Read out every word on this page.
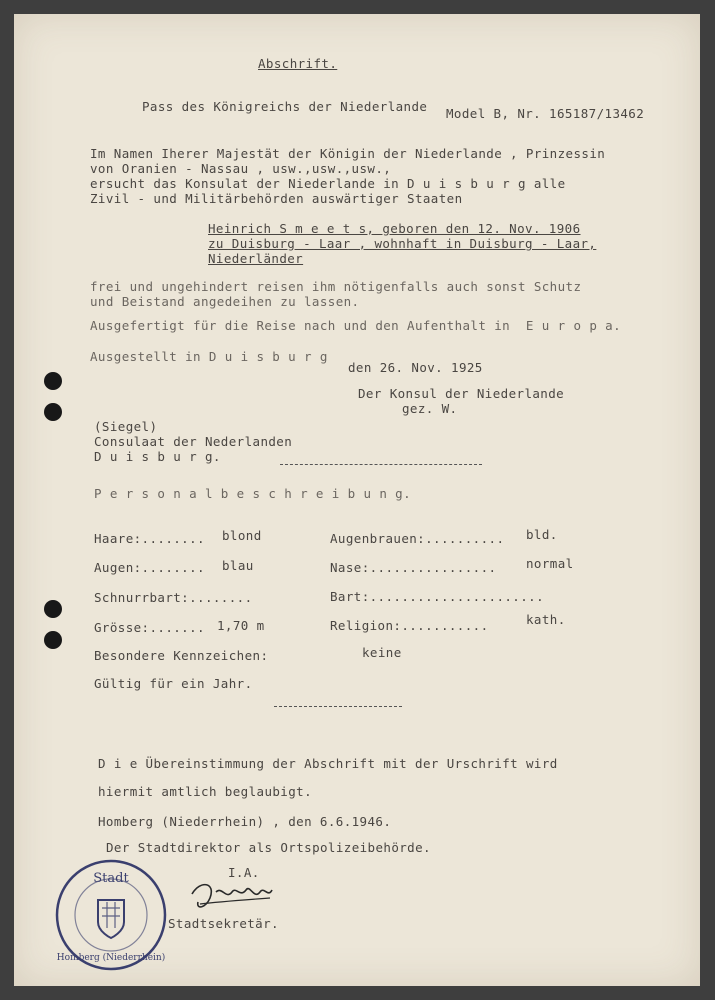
Abschrift.
Pass des Königreichs der Niederlande Model B, Nr. 165187/13462
Im Namen Iherer Majestät der Königin der Niederlande , Prinzessin
von Oranien - Nassau , usw.,usw.,usw.,
ersucht das Konsulat der Niederlande in D u i s b u r g alle
Zivil - und Militärbehörden auswärtiger Staaten
Heinrich S m e e t s, geboren den 12. Nov. 1906
zu Duisburg - Laar , wohnhaft in Duisburg - Laar,
Niederländer
frei und ungehindert reisen ihm nötigenfalls auch sonst Schutz
und Beistand angedeihen zu lassen.
Ausgefertigt für die Reise nach und den Aufenthalt in  E u r o p a.
Ausgestellt in D u i s b u r g
den 26. Nov. 1925
Der Konsul der Niederlande
gez. W.
(Siegel)
Consulaat der Nederlanden
D u i s b u r g.
P e r s o n a l b e s c h r e i b u n g.
Haare:........ blond
Augen:........ blau
Schnurrbart:........
Grösse:....... 1,70 m
Besondere Kennzeichen:
Augenbrauen:.......... bld.
Nase:................ normal
Bart:......................
Religion:...........	kath.
keine
Gültig für ein Jahr.
D i e Übereinstimmung der Abschrift mit der Urschrift wird
hiermit amtlich beglaubigt.
Homberg (Niederrhein) , den 6.6.1946.
Der Stadtdirektor als Ortspolizeibehörde.
I.A.
Stadtsekretär.
Stadt
Homberg (Niederrhein)
